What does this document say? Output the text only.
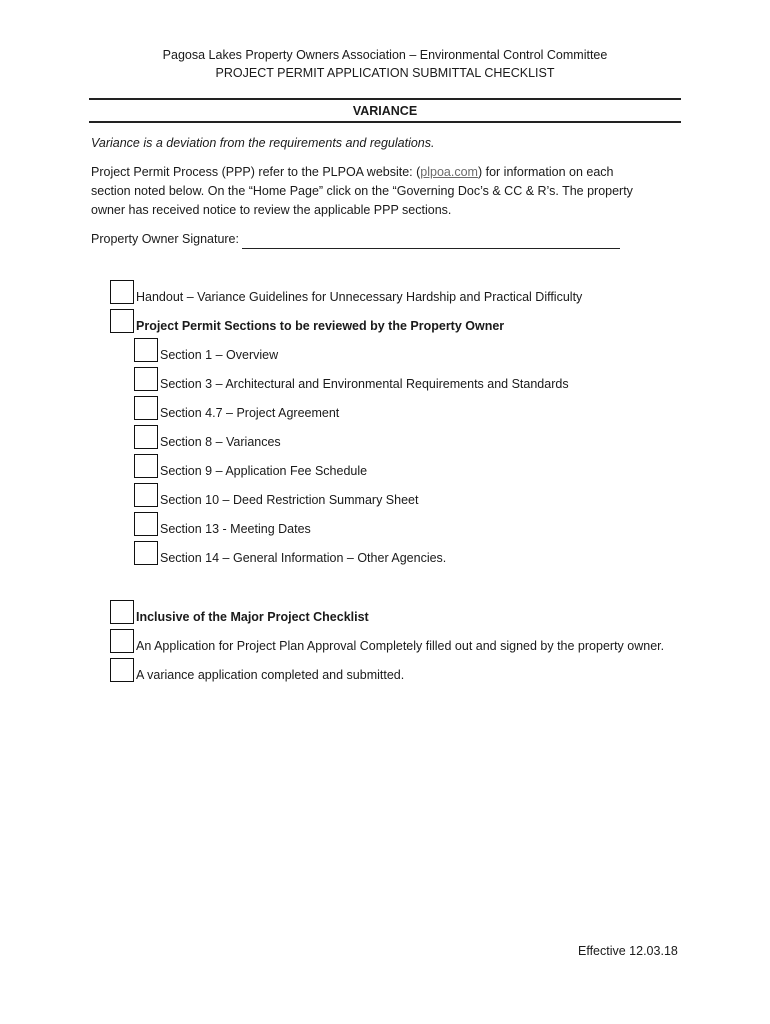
Pagosa Lakes Property Owners Association – Environmental Control Committee
PROJECT PERMIT APPLICATION SUBMITTAL CHECKLIST
VARIANCE
Variance is a deviation from the requirements and regulations.
Project Permit Process (PPP) refer to the PLPOA website: (plpoa.com) for information on each
section noted below. On the “Home Page” click on the “Governing Doc’s & CC & R’s. The property
owner has received notice to review the applicable PPP sections.
Property Owner Signature:
Handout – Variance Guidelines for Unnecessary Hardship and Practical Difficulty
Project Permit Sections to be reviewed by the Property Owner
Section 1 – Overview
Section 3 – Architectural and Environmental Requirements and Standards
Section 4.7 – Project Agreement
Section 8 – Variances
Section 9 – Application Fee Schedule
Section 10 – Deed Restriction Summary Sheet
Section 13 - Meeting Dates
Section 14 – General Information – Other Agencies.
Inclusive of the Major Project Checklist
An Application for Project Plan Approval Completely filled out and signed by the property owner.
A variance application completed and submitted.
Effective 12.03.18
